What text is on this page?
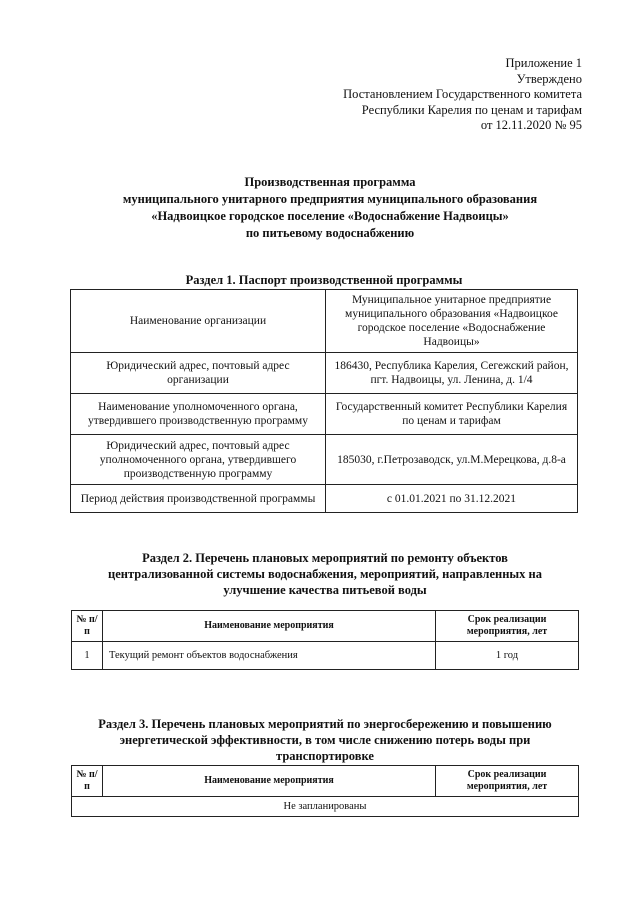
Приложение 1
Утверждено
Постановлением Государственного комитета
Республики Карелия по ценам и тарифам
от 12.11.2020 № 95
Производственная программа
муниципального унитарного предприятия муниципального образования
«Надвоицкое городское поселение «Водоснабжение Надвоицы»
по питьевому водоснабжению
Раздел 1. Паспорт производственной программы
Наименование организации	Муниципальное унитарное предприятие муниципального образования «Надвоицкое городское поселение «Водоснабжение Надвоицы»
Юридический адрес, почтовый адрес организации	186430, Республика Карелия, Сегежский район, пгт. Надвоицы, ул. Ленина, д. 1/4
Наименование уполномоченного органа, утвердившего производственную программу	Государственный комитет Республики Карелия по ценам и тарифам
Юридический адрес, почтовый адрес уполномоченного органа, утвердившего производственную программу	185030, г.Петрозаводск, ул.М.Мерецкова, д.8-а
Период действия производственной программы	с 01.01.2021 по 31.12.2021
Раздел 2. Перечень плановых мероприятий по ремонту объектов
централизованной системы водоснабжения, мероприятий, направленных на
улучшение качества питьевой воды
№ п/п	Наименование мероприятия	Срок реализации мероприятия, лет
1	Текущий ремонт объектов водоснабжения	1 год
Раздел 3. Перечень плановых мероприятий по энергосбережению и повышению
энергетической эффективности, в том числе снижению потерь воды при
транспортировке
№ п/п	Наименование мероприятия	Срок реализации мероприятия, лет
Не запланированы
